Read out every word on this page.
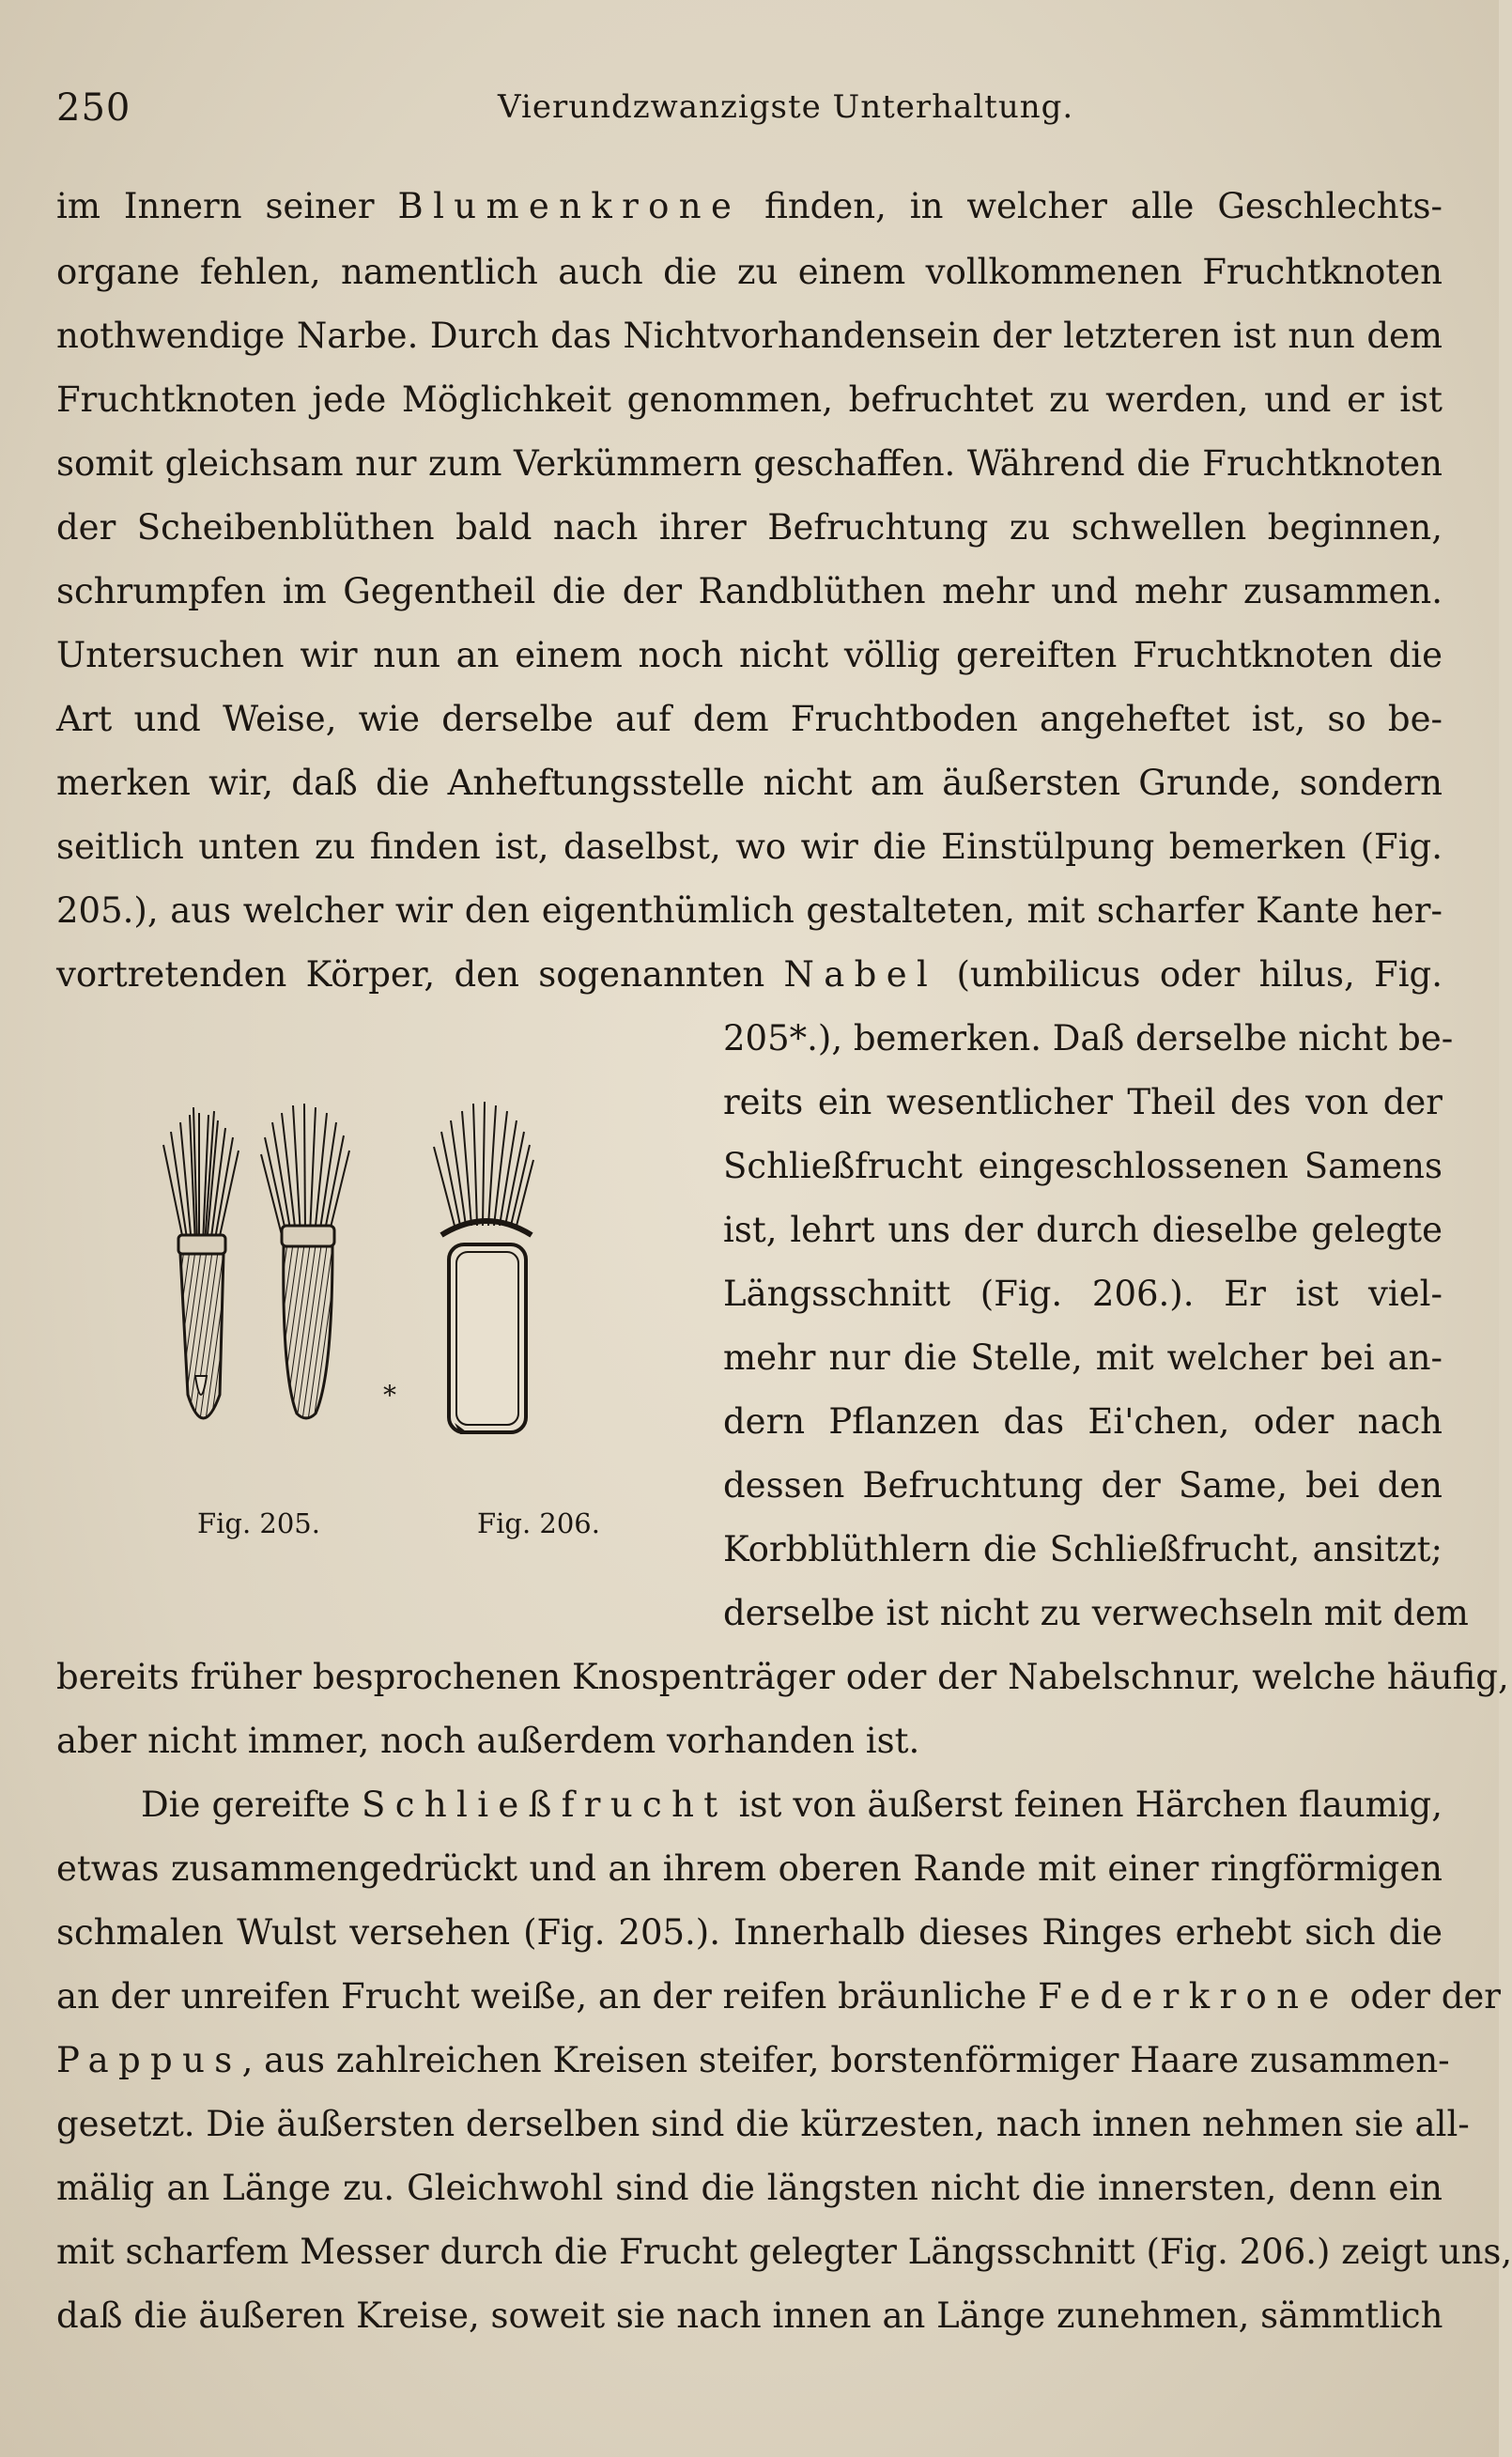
250	Vierundzwanzigste Unterhaltung.
im Innern seiner Blumenkrone finden, in welcher alle Geschlechts-
organe fehlen, namentlich auch die zu einem vollkommenen Fruchtknoten
nothwendige Narbe. Durch das Nichtvorhandensein der letzteren ist nun dem
Fruchtknoten jede Möglichkeit genommen, befruchtet zu werden, und er ist
somit gleichsam nur zum Verkümmern geschaffen. Während die Fruchtknoten
der Scheibenblüthen bald nach ihrer Befruchtung zu schwellen beginnen,
schrumpfen im Gegentheil die der Randblüthen mehr und mehr zusammen.
Untersuchen wir nun an einem noch nicht völlig gereiften Fruchtknoten die
Art und Weise, wie derselbe auf dem Fruchtboden angeheftet ist, so be-
merken wir, daß die Anheftungsstelle nicht am äußersten Grunde, sondern
seitlich unten zu finden ist, daselbst, wo wir die Einstülpung bemerken (Fig.
205.), aus welcher wir den eigenthümlich gestalteten, mit scharfer Kante her-
vortretenden Körper, den sogenannten Nabel (umbilicus oder hilus, Fig.
205*.), bemerken. Daß derselbe nicht be-
reits ein wesentlicher Theil des von der
Schließfrucht eingeschlossenen Samens
ist, lehrt uns der durch dieselbe gelegte
Längsschnitt (Fig. 206.). Er ist viel-
mehr nur die Stelle, mit welcher bei an-
dern Pflanzen das Ei'chen, oder nach
dessen Befruchtung der Same, bei den
Korbblüthlern die Schließfrucht, ansitzt;
derselbe ist nicht zu verwechseln mit dem
bereits früher besprochenen Knospenträger oder der Nabelschnur, welche häufig,
aber nicht immer, noch außerdem vorhanden ist.
*
Fig. 205.	Fig. 206.
Die gereifte Schließfrucht ist von äußerst feinen Härchen flaumig,
etwas zusammengedrückt und an ihrem oberen Rande mit einer ringförmigen
schmalen Wulst versehen (Fig. 205.). Innerhalb dieses Ringes erhebt sich die
an der unreifen Frucht weiße, an der reifen bräunliche Federkrone oder der
Pappus, aus zahlreichen Kreisen steifer, borstenförmiger Haare zusammen-
gesetzt. Die äußersten derselben sind die kürzesten, nach innen nehmen sie all-
mälig an Länge zu. Gleichwohl sind die längsten nicht die innersten, denn ein
mit scharfem Messer durch die Frucht gelegter Längsschnitt (Fig. 206.) zeigt uns,
daß die äußeren Kreise, soweit sie nach innen an Länge zunehmen, sämmtlich
